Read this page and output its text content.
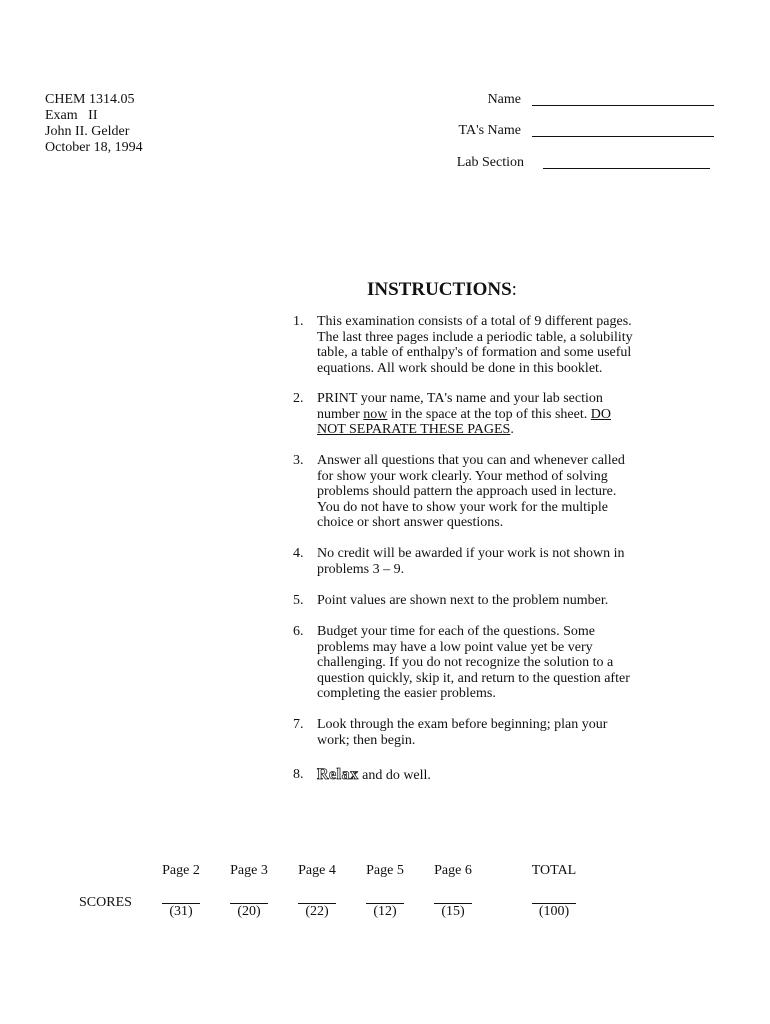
CHEM 1314.05
Exam   II
John II. Gelder
October 18, 1994
Name
TA's Name
Lab Section
INSTRUCTIONS:
1. This examination consists of a total of 9 different pages.
The last three pages include a periodic table, a solubility
table, a table of enthalpy's of formation and some useful
equations. All work should be done in this booklet.
2. PRINT your name, TA's name and your lab section
number now in the space at the top of this sheet. DO
NOT SEPARATE THESE PAGES.
3. Answer all questions that you can and whenever called
for show your work clearly. Your method of solving
problems should pattern the approach used in lecture.
You do not have to show your work for the multiple
choice or short answer questions.
4. No credit will be awarded if your work is not shown in
problems 3 – 9.
5. Point values are shown next to the problem number.
6. Budget your time for each of the questions. Some
problems may have a low point value yet be very
challenging. If you do not recognize the solution to a
question quickly, skip it, and return to the question after
completing the easier problems.
7. Look through the exam before beginning; plan your
work; then begin.
8. Relax and do well.
SCORES
Page 2
(31)
Page 3
(20)
Page 4
(22)
Page 5
(12)
Page 6
(15)
TOTAL
(100)
